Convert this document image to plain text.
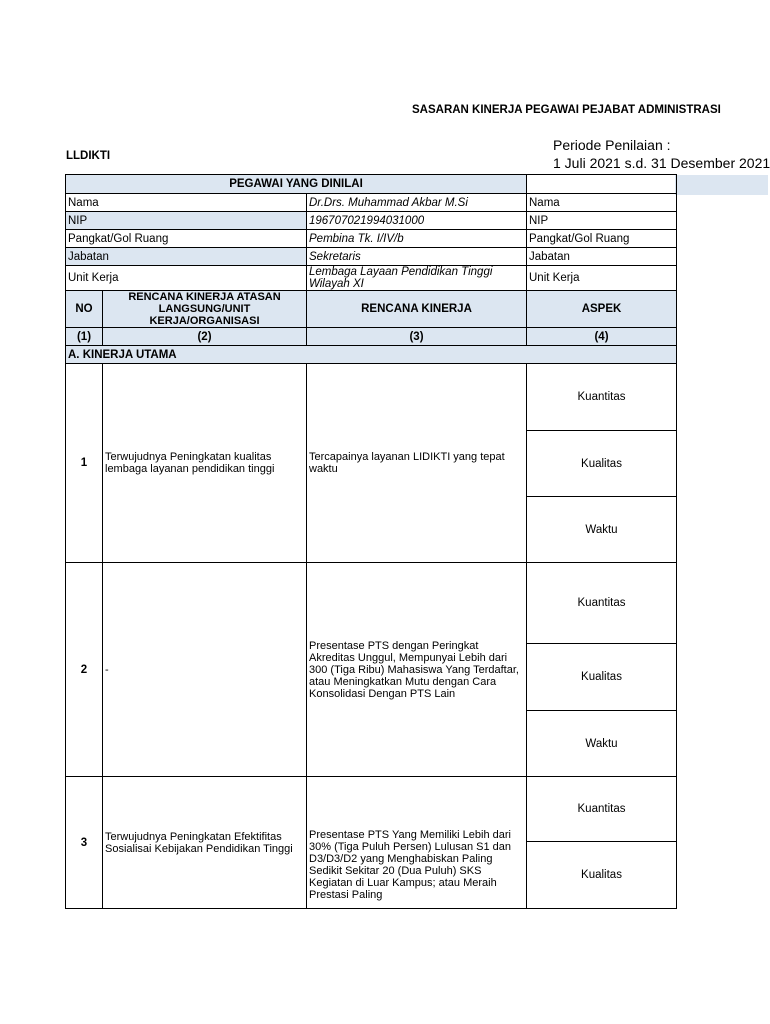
SASARAN KINERJA PEGAWAI PEJABAT ADMINISTRASI
LLDIKTI
Periode Penilaian :
1 Juli 2021 s.d. 31 Desember 2021
PEGAWAI YANG DINILAI			
Nama		Dr.Drs. Muhammad Akbar M.Si	Nama
NIP		196707021994031000	NIP
Pangkat/Gol Ruang		Pembina Tk. I/IV/b	Pangkat/Gol Ruang
Jabatan		Sekretaris	Jabatan
Unit Kerja		Lembaga Layaan Pendidikan Tinggi Wilayah XI	Unit Kerja
NO	RENCANA KINERJA ATASAN LANGSUNG/UNIT KERJA/ORGANISASI	RENCANA KINERJA	ASPEK
(1)	(2)	(3)	(4)
A. KINERJA UTAMA			
1	Terwujudnya Peningkatan kualitas lembaga layanan pendidikan tinggi	Tercapainya layanan LIDIKTI yang tepat waktu	Kuantitas
			Kualitas
			Waktu
2	-	Presentase PTS dengan Peringkat Akreditas Unggul, Mempunyai Lebih dari 300 (Tiga Ribu) Mahasiswa Yang Terdaftar, atau Meningkatkan Mutu dengan Cara Konsolidasi Dengan PTS Lain	Kuantitas
			Kualitas
			Waktu
3	Terwujudnya Peningkatan Efektifitas Sosialisai Kebijakan Pendidikan Tinggi	Presentase PTS Yang Memiliki Lebih dari 30% (Tiga Puluh Persen) Lulusan S1 dan D3/D3/D2 yang Menghabiskan Paling Sedikit Sekitar 20 (Dua Puluh) SKS Kegiatan di Luar Kampus; atau Meraih Prestasi Paling	Kuantitas
			Kualitas
